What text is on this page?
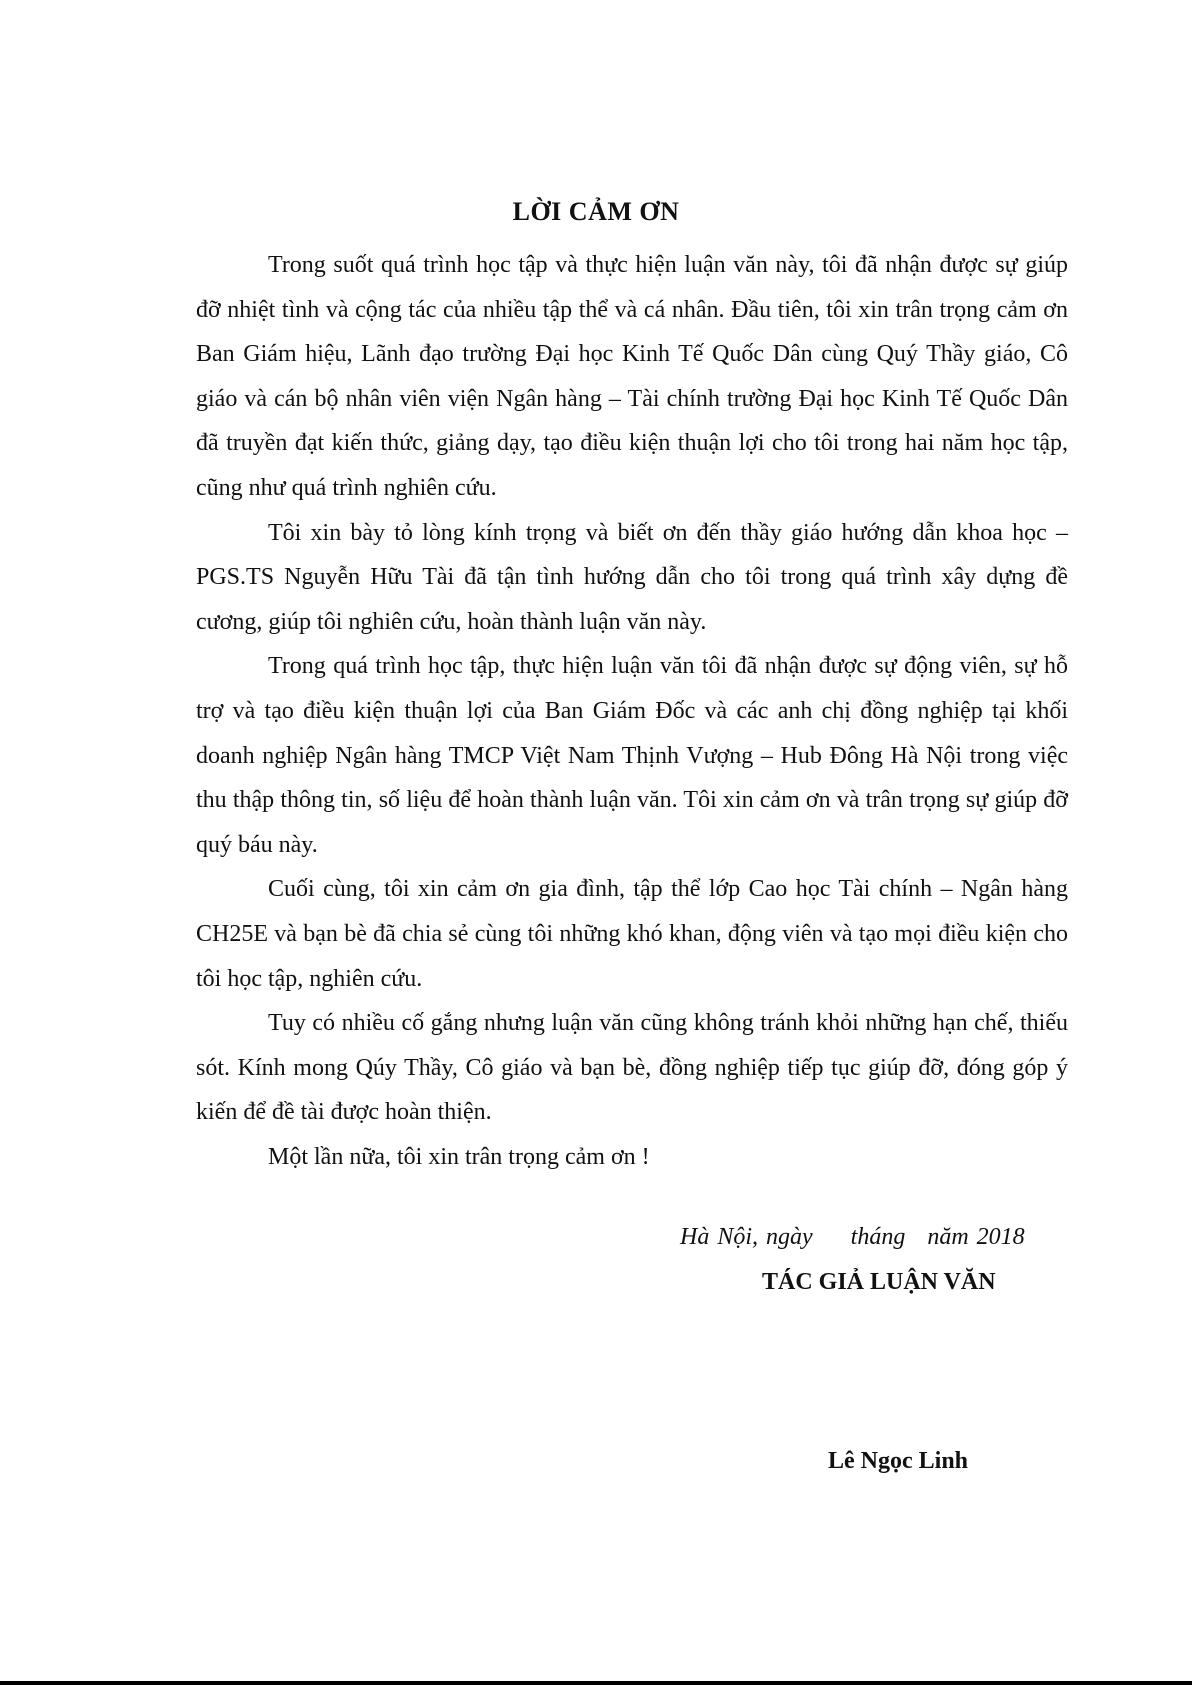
LỜI CẢM ƠN

Trong suốt quá trình học tập và thực hiện luận văn này, tôi đã nhận được sự giúp đỡ nhiệt tình và cộng tác của nhiều tập thể và cá nhân. Đầu tiên, tôi xin trân trọng cảm ơn Ban Giám hiệu, Lãnh đạo trường Đại học Kinh Tế Quốc Dân cùng Quý Thầy giáo, Cô giáo và cán bộ nhân viên viện Ngân hàng – Tài chính trường Đại học Kinh Tế Quốc Dân đã truyền đạt kiến thức, giảng dạy, tạo điều kiện thuận lợi cho tôi trong hai năm học tập, cũng như quá trình nghiên cứu.

Tôi xin bày tỏ lòng kính trọng và biết ơn đến thầy giáo hướng dẫn khoa học – PGS.TS Nguyễn Hữu Tài đã tận tình hướng dẫn cho tôi trong quá trình xây dựng đề cương, giúp tôi nghiên cứu, hoàn thành luận văn này.

Trong quá trình học tập, thực hiện luận văn tôi đã nhận được sự động viên, sự hỗ trợ và tạo điều kiện thuận lợi của Ban Giám Đốc và các anh chị đồng nghiệp tại khối doanh nghiệp Ngân hàng TMCP Việt Nam Thịnh Vượng – Hub Đông Hà Nội trong việc thu thập thông tin, số liệu để hoàn thành luận văn. Tôi xin cảm ơn và trân trọng sự giúp đỡ quý báu này.

Cuối cùng, tôi xin cảm ơn gia đình, tập thể lớp Cao học Tài chính – Ngân hàng CH25E và bạn bè đã chia sẻ cùng tôi những khó khan, động viên và tạo mọi điều kiện cho tôi học tập, nghiên cứu.

Tuy có nhiều cố gắng nhưng luận văn cũng không tránh khỏi những hạn chế, thiếu sót. Kính mong Qúy Thầy, Cô giáo và bạn bè, đồng nghiệp tiếp tục giúp đỡ, đóng góp ý kiến để đề tài được hoàn thiện.

Một lần nữa, tôi xin trân trọng cảm ơn !

Hà Nội, ngày tháng năm 2018
TÁC GIẢ LUẬN VĂN
Lê Ngọc Linh
